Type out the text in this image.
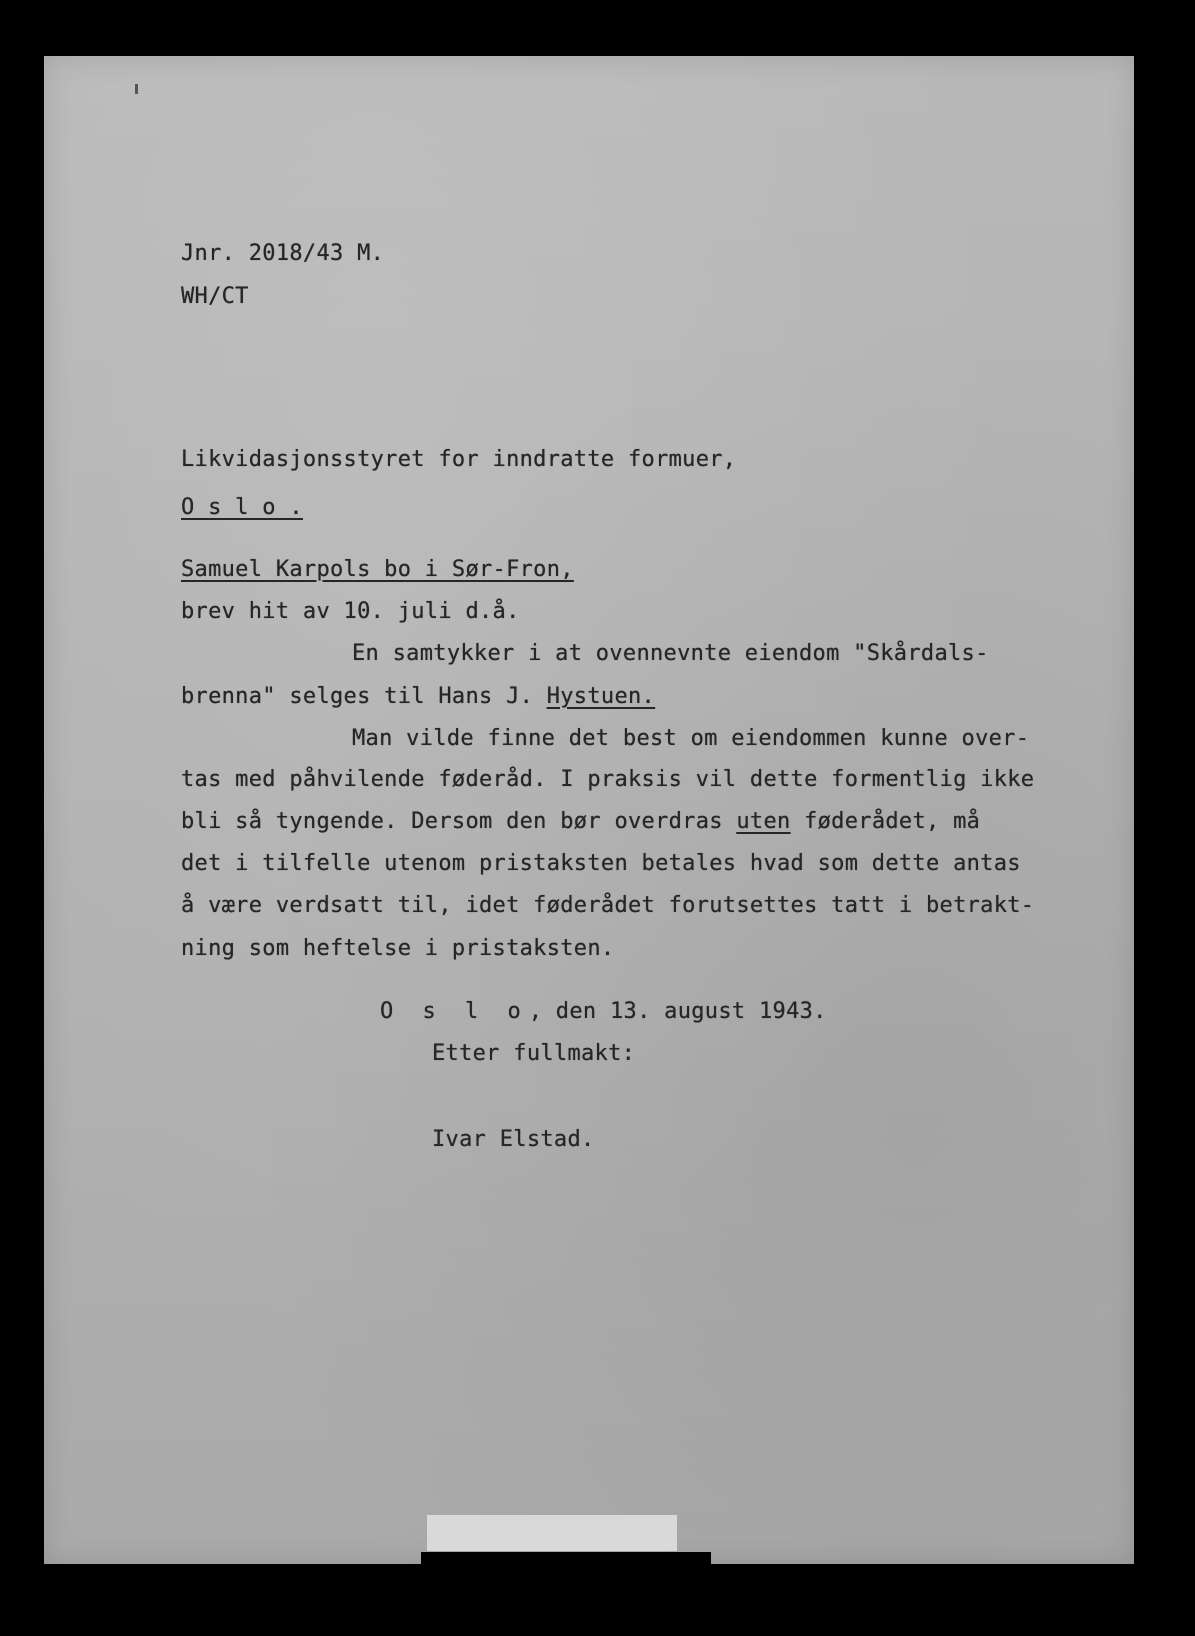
Jnr. 2018/43 M.

WH/CT

Likvidasjonsstyret for inndratte formuer,

O s l o .

Samuel Karpols bo i Sør-Fron,

brev hit av 10. juli d.å.

En samtykker i at ovennevnte eiendom "Skårdals-

brenna" selges til Hans J. Hystuen.

Man vilde finne det best om eiendommen kunne over-

tas med påhvilende føderåd. I praksis vil dette formentlig ikke

bli så tyngende. Dersom den bør overdras uten føderådet, må

det i tilfelle utenom pristaksten betales hvad som dette antas

å være verdsatt til, idet føderådet forutsettes tatt i betrakt-

ning som heftelse i pristaksten.

O s l o, den 13. august 1943.

Etter fullmakt:

Ivar Elstad.
